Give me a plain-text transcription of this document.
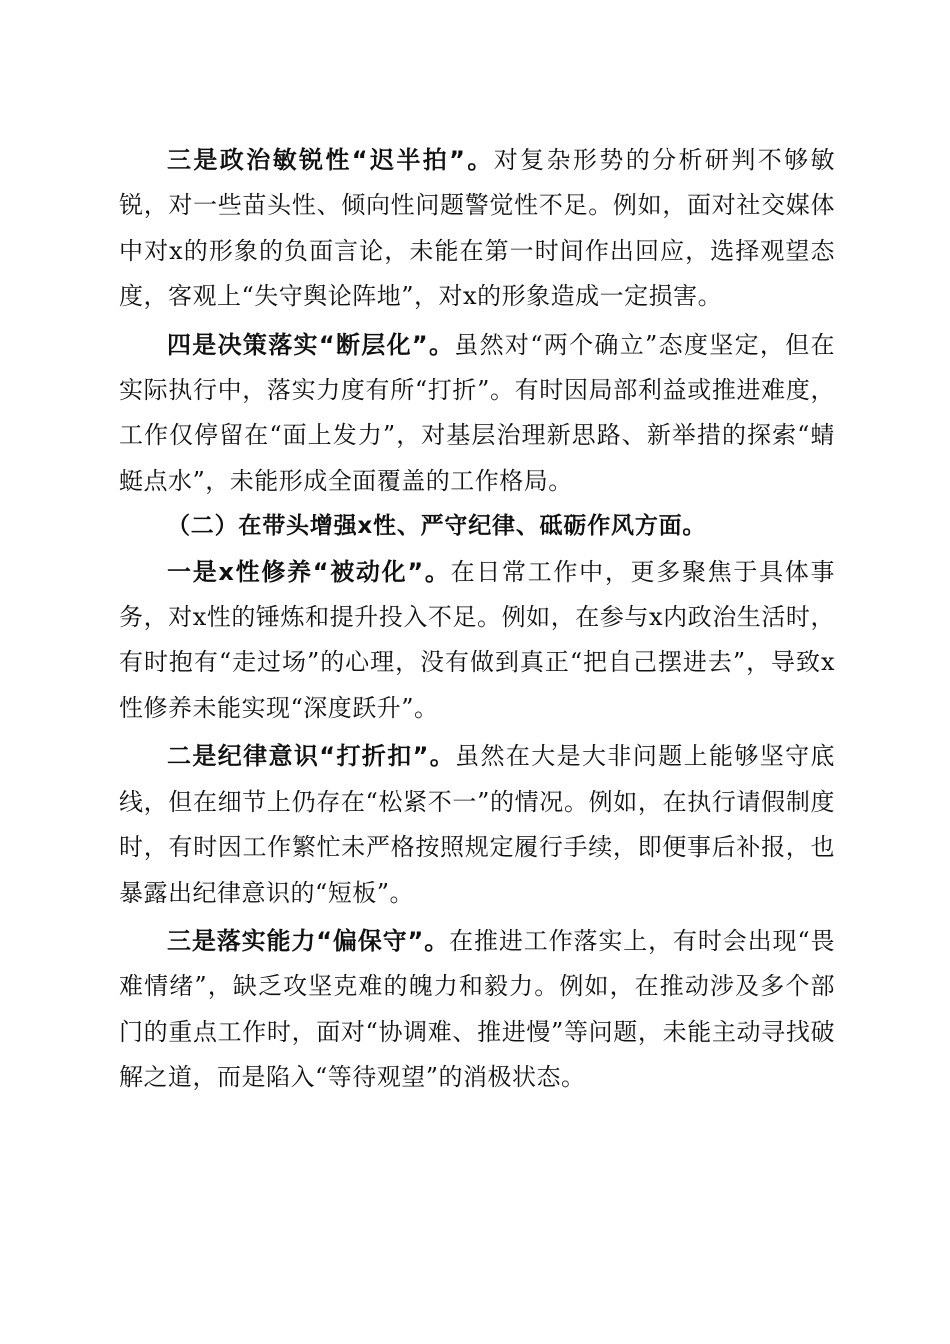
三是政治敏锐性“迟半拍”。对复杂形势的分析研判不够敏锐，对一些苗头性、倾向性问题警觉性不足。例如，面对社交媒体中对x的形象的负面言论，未能在第一时间作出回应，选择观望态度，客观上“失守舆论阵地”，对x的形象造成一定损害。

四是决策落实“断层化”。虽然对“两个确立”态度坚定，但在实际执行中，落实力度有所“打折”。有时因局部利益或推进难度，工作仅停留在“面上发力”，对基层治理新思路、新举措的探索“蜻蜓点水”，未能形成全面覆盖的工作格局。

（二）在带头增强x性、严守纪律、砥砺作风方面。

一是x性修养“被动化”。在日常工作中，更多聚焦于具体事务，对x性的锤炼和提升投入不足。例如，在参与x内政治生活时，有时抱有“走过场”的心理，没有做到真正“把自己摆进去”，导致x性修养未能实现“深度跃升”。

二是纪律意识“打折扣”。虽然在大是大非问题上能够坚守底线，但在细节上仍存在“松紧不一”的情况。例如，在执行请假制度时，有时因工作繁忙未严格按照规定履行手续，即便事后补报，也暴露出纪律意识的“短板”。

三是落实能力“偏保守”。在推进工作落实上，有时会出现“畏难情绪”，缺乏攻坚克难的魄力和毅力。例如，在推动涉及多个部门的重点工作时，面对“协调难、推进慢”等问题，未能主动寻找破解之道，而是陷入“等待观望”的消极状态。
